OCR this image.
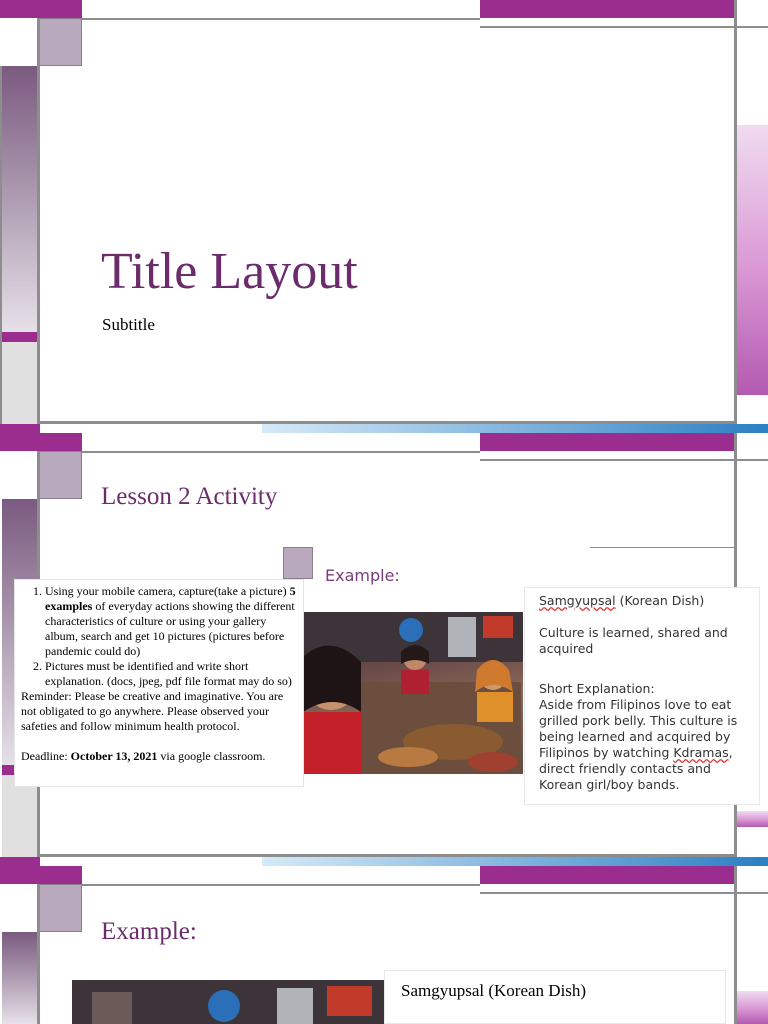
Title Layout
Subtitle
Lesson 2 Activity
Example:
1. Using your mobile camera, capture(take a picture) 5 examples of everyday actions showing the different characteristics of culture or using your gallery album, search and get 10 pictures (pictures before pandemic could do)
2. Pictures must be identified and write short explanation. (docs, jpeg, pdf file format may do so)
Reminder: Please be creative and imaginative. You are not obligated to go anywhere. Please observed your safeties and follow minimum health protocol.
Deadline: October 13, 2021 via google classroom.
Samgyupsal (Korean Dish)
Culture is learned, shared and acquired
Short Explanation:
Aside from Filipinos love to eat grilled pork belly. This culture is being learned and acquired by Filipinos by watching Kdramas, direct friendly contacts and Korean girl/boy bands.
Example:
Samgyupsal (Korean Dish)
